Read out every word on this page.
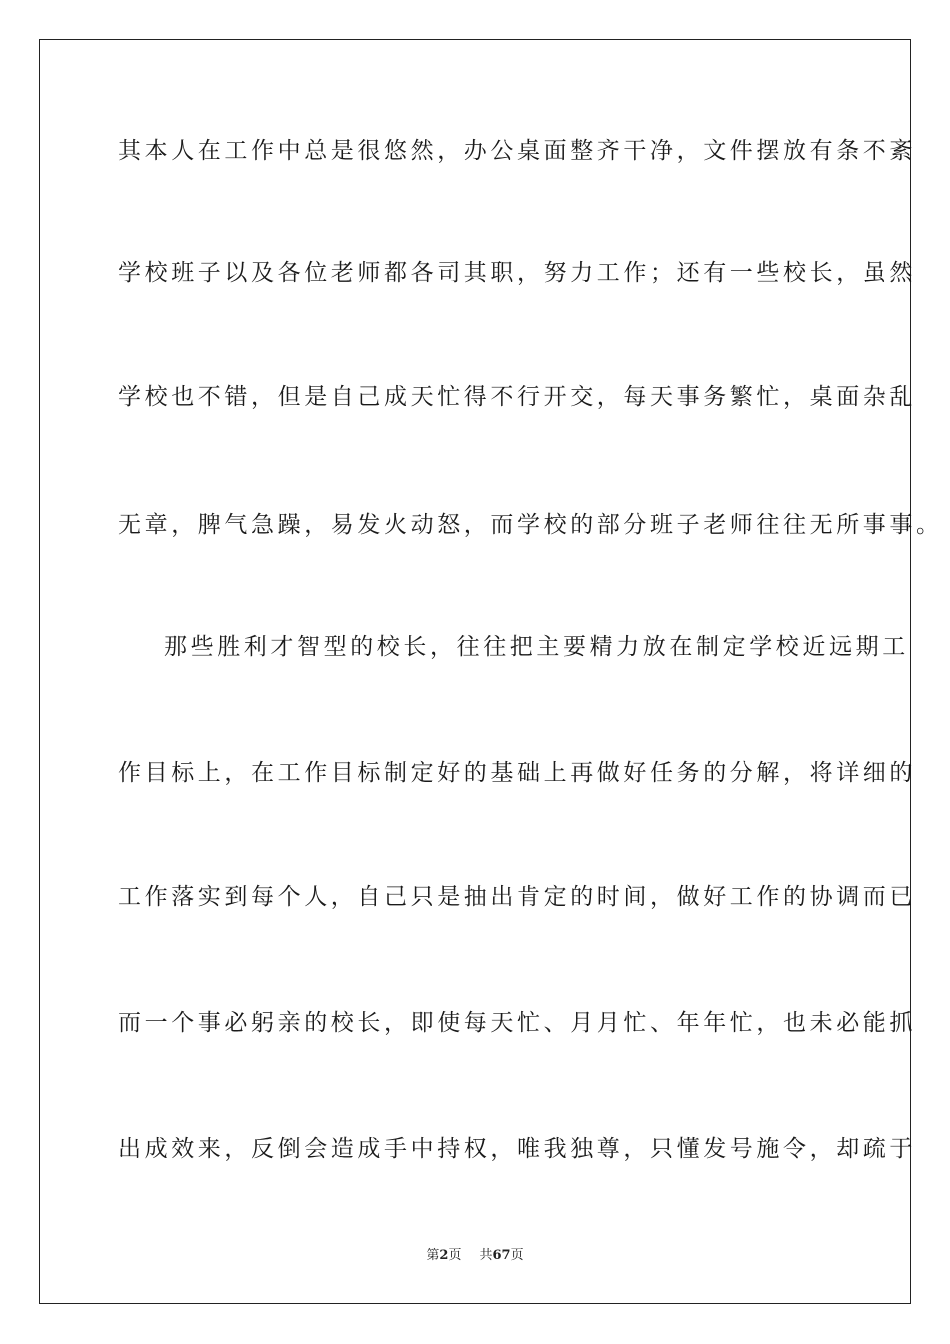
其本人在工作中总是很悠然，办公桌面整齐干净，文件摆放有条不紊
学校班子以及各位老师都各司其职，努力工作；还有一些校长，虽然
学校也不错，但是自己成天忙得不行开交，每天事务繁忙，桌面杂乱
无章，脾气急躁，易发火动怒，而学校的部分班子老师往往无所事事。
那些胜利才智型的校长，往往把主要精力放在制定学校近远期工
作目标上，在工作目标制定好的基础上再做好任务的分解，将详细的
工作落实到每个人，自己只是抽出肯定的时间，做好工作的协调而已
而一个事必躬亲的校长，即使每天忙、月月忙、年年忙，也未必能抓
出成效来，反倒会造成手中持权，唯我独尊，只懂发号施令，却疏于
第2页 共67页
